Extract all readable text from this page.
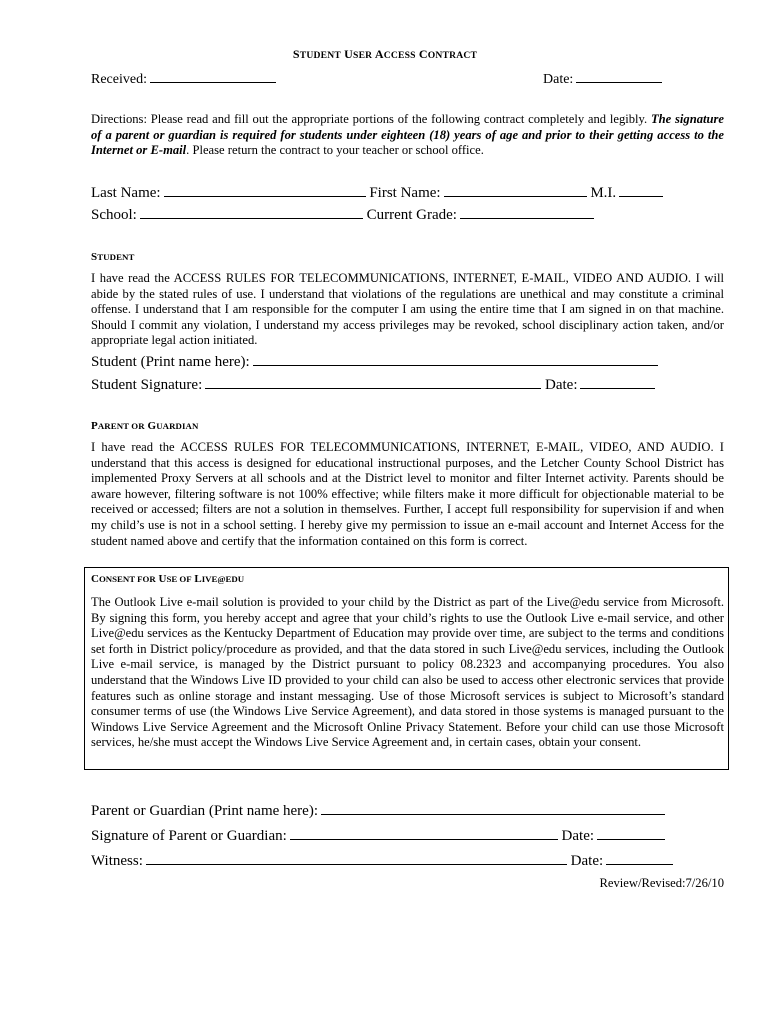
STUDENT USER ACCESS CONTRACT
Received:	Date:

Directions: Please read and fill out the appropriate portions of the following contract completely and legibly. The signature of a parent or guardian is required for students under eighteen (18) years of age and prior to their getting access to the Internet or E-mail. Please return the contract to your teacher or school office.

Last Name:	First Name:	M.I.
School:	Current Grade:
STUDENT

I have read the ACCESS RULES FOR TELECOMMUNICATIONS, INTERNET, E-MAIL, VIDEO AND AUDIO. I will abide by the stated rules of use. I understand that violations of the regulations are unethical and may constitute a criminal offense. I understand that I am responsible for the computer I am using the entire time that I am signed in on that machine. Should I commit any violation, I understand my access privileges may be revoked, school disciplinary action taken, and/or appropriate legal action initiated.

Student (Print name here):
Student Signature:	Date:
PARENT OR GUARDIAN

I have read the ACCESS RULES FOR TELECOMMUNICATIONS, INTERNET, E-MAIL, VIDEO, AND AUDIO. I understand that this access is designed for educational instructional purposes, and the Letcher County School District has implemented Proxy Servers at all schools and at the District level to monitor and filter Internet activity. Parents should be aware however, filtering software is not 100% effective; while filters make it more difficult for objectionable material to be received or accessed; filters are not a solution in themselves. Further, I accept full responsibility for supervision if and when my child’s use is not in a school setting. I hereby give my permission to issue an e-mail account and Internet Access for the student named above and certify that the information contained on this form is correct.

CONSENT FOR USE OF LIVE@EDU

The Outlook Live e-mail solution is provided to your child by the District as part of the Live@edu service from Microsoft. By signing this form, you hereby accept and agree that your child’s rights to use the Outlook Live e-mail service, and other Live@edu services as the Kentucky Department of Education may provide over time, are subject to the terms and conditions set forth in District policy/procedure as provided, and that the data stored in such Live@edu services, including the Outlook Live e-mail service, is managed by the District pursuant to policy 08.2323 and accompanying procedures. You also understand that the Windows Live ID provided to your child can also be used to access other electronic services that provide features such as online storage and instant messaging. Use of those Microsoft services is subject to Microsoft’s standard consumer terms of use (the Windows Live Service Agreement), and data stored in those systems is managed pursuant to the Windows Live Service Agreement and the Microsoft Online Privacy Statement. Before your child can use those Microsoft services, he/she must accept the Windows Live Service Agreement and, in certain cases, obtain your consent.

Parent or Guardian (Print name here):
Signature of Parent or Guardian:	Date:
Witness:	Date:
Review/Revised:7/26/10
